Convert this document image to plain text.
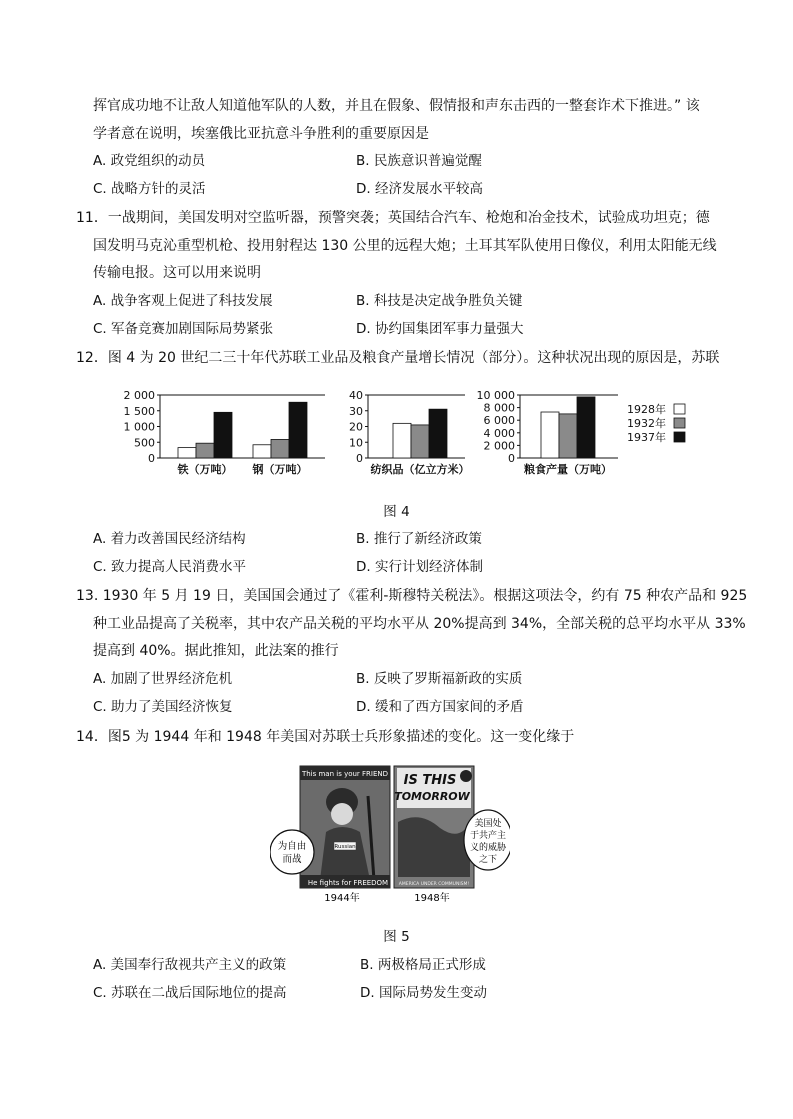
挥官成功地不让敌人知道他军队的人数，并且在假象、假情报和声东击西的一整套诈术下推进。” 该
学者意在说明，埃塞俄比亚抗意斗争胜利的重要原因是
A. 政党组织的动员	B. 民族意识普遍觉醒
C. 战略方针的灵活	D. 经济发展水平较高
11．一战期间，美国发明对空监听器，预警突袭；英国结合汽车、枪炮和冶金技术，试验成功坦克；德
国发明马克沁重型机枪、投用射程达 130 公里的远程大炮；土耳其军队使用日像仪，利用太阳能无线
传输电报。这可以用来说明
A. 战争客观上促进了科技发展	B. 科技是决定战争胜负关键
C. 军备竞赛加剧国际局势紧张	D. 协约国集团军事力量强大
12．图 4 为 20 世纪二三十年代苏联工业品及粮食产量增长情况（部分）。这种状况出现的原因是，苏联
2 000
1 500
1 000
500
0
铁（万吨） 钢（万吨）
40
30
20
10
0
纺织品（亿立方米）
10 000
8 000
6 000
4 000
2 000
0
粮食产量（万吨）
1928年
1932年
1937年
图 4
A. 着力改善国民经济结构	B. 推行了新经济政策
C. 致力提高人民消费水平	D. 实行计划经济体制
13. 1930 年 5 月 19 日，美国国会通过了《霍利-斯穆特关税法》。根据这项法令，约有 75 种农产品和 925
种工业品提高了关税率，其中农产品关税的平均水平从 20%提高到 34%，全部关税的总平均水平从 33%
提高到 40%。据此推知，此法案的推行
A. 加剧了世界经济危机	B. 反映了罗斯福新政的实质
C. 助力了美国经济恢复	D. 缓和了西方国家间的矛盾
14．图5 为 1944 年和 1948 年美国对苏联士兵形象描述的变化。这一变化缘于
This man is your FRIEND
Russian
He fights for FREEDOM
为自由
而战
1944年
IS THIS
TOMORROW
AMERICA UNDER COMMUNISM!
美国处
于共产主
义的威胁
之下
1948年
图 5
A. 美国奉行敌视共产主义的政策	B. 两极格局正式形成
C. 苏联在二战后国际地位的提高	D. 国际局势发生变动
